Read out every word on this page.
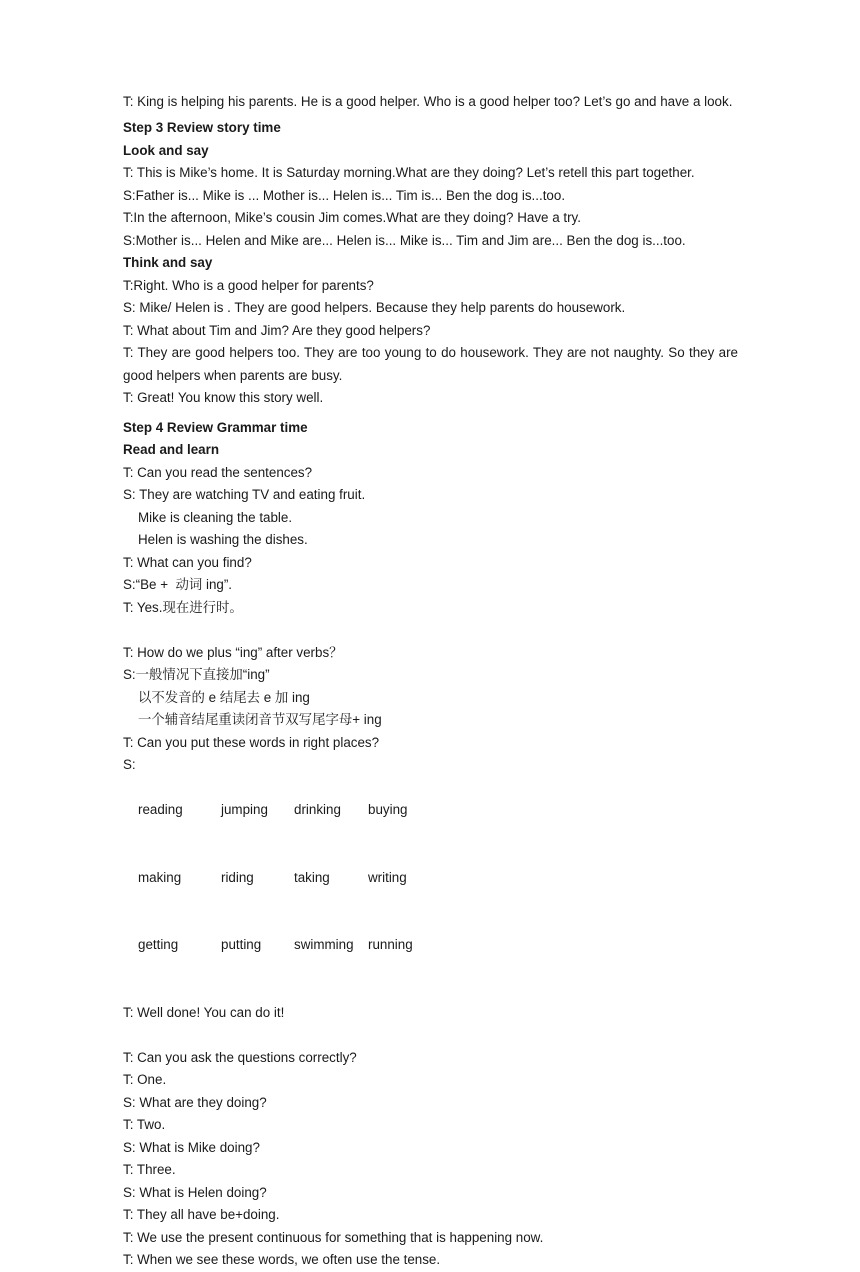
T: King is helping his parents. He is a good helper. Who is a good helper too? Let’s go and have a look.
Step 3 Review story time
Look and say
T: This is Mike’s home. It is Saturday morning.What are they doing? Let’s retell this part together.
S:Father is... Mike is ... Mother is... Helen is... Tim is... Ben the dog is...too.
T:In the afternoon, Mike’s cousin Jim comes.What are they doing? Have a try.
S:Mother is... Helen and Mike are... Helen is... Mike is... Tim and Jim are... Ben the dog is...too.
Think and say
T:Right. Who is a good helper for parents?
S: Mike/ Helen is . They are good helpers. Because they help parents do housework.
T: What about Tim and Jim? Are they good helpers?
T: They are good helpers too. They are too young to do housework. They are not naughty. So they are good helpers when parents are busy.
T: Great! You know this story well.
Step 4 Review Grammar time
Read and learn
T: Can you read the sentences?
S: They are watching TV and eating fruit.
Mike is cleaning the table.
Helen is washing the dishes.
T: What can you find?
S:“Be +  动词 ing”.
T: Yes.现在进行时。
T: How do we plus “ing” after verbs？
S:一般情况下直接加“ing”
以不发音的 e 结尾去 e 加 ing
一个辅音结尾重读闭音节双写尾字母+ ing
T: Can you put these words in right places?
S:

reading	jumping	drinking	buying

making	riding	taking	writing

getting	putting	swimming	running

T: Well done! You can do it!
T: Can you ask the questions correctly?
T: One.
S: What are they doing?
T: Two.
S: What is Mike doing?
T: Three.
S: What is Helen doing?
T: They all have be+doing.
T: We use the present continuous for something that is happening now.
T: When we see these words, we often use the tense.
